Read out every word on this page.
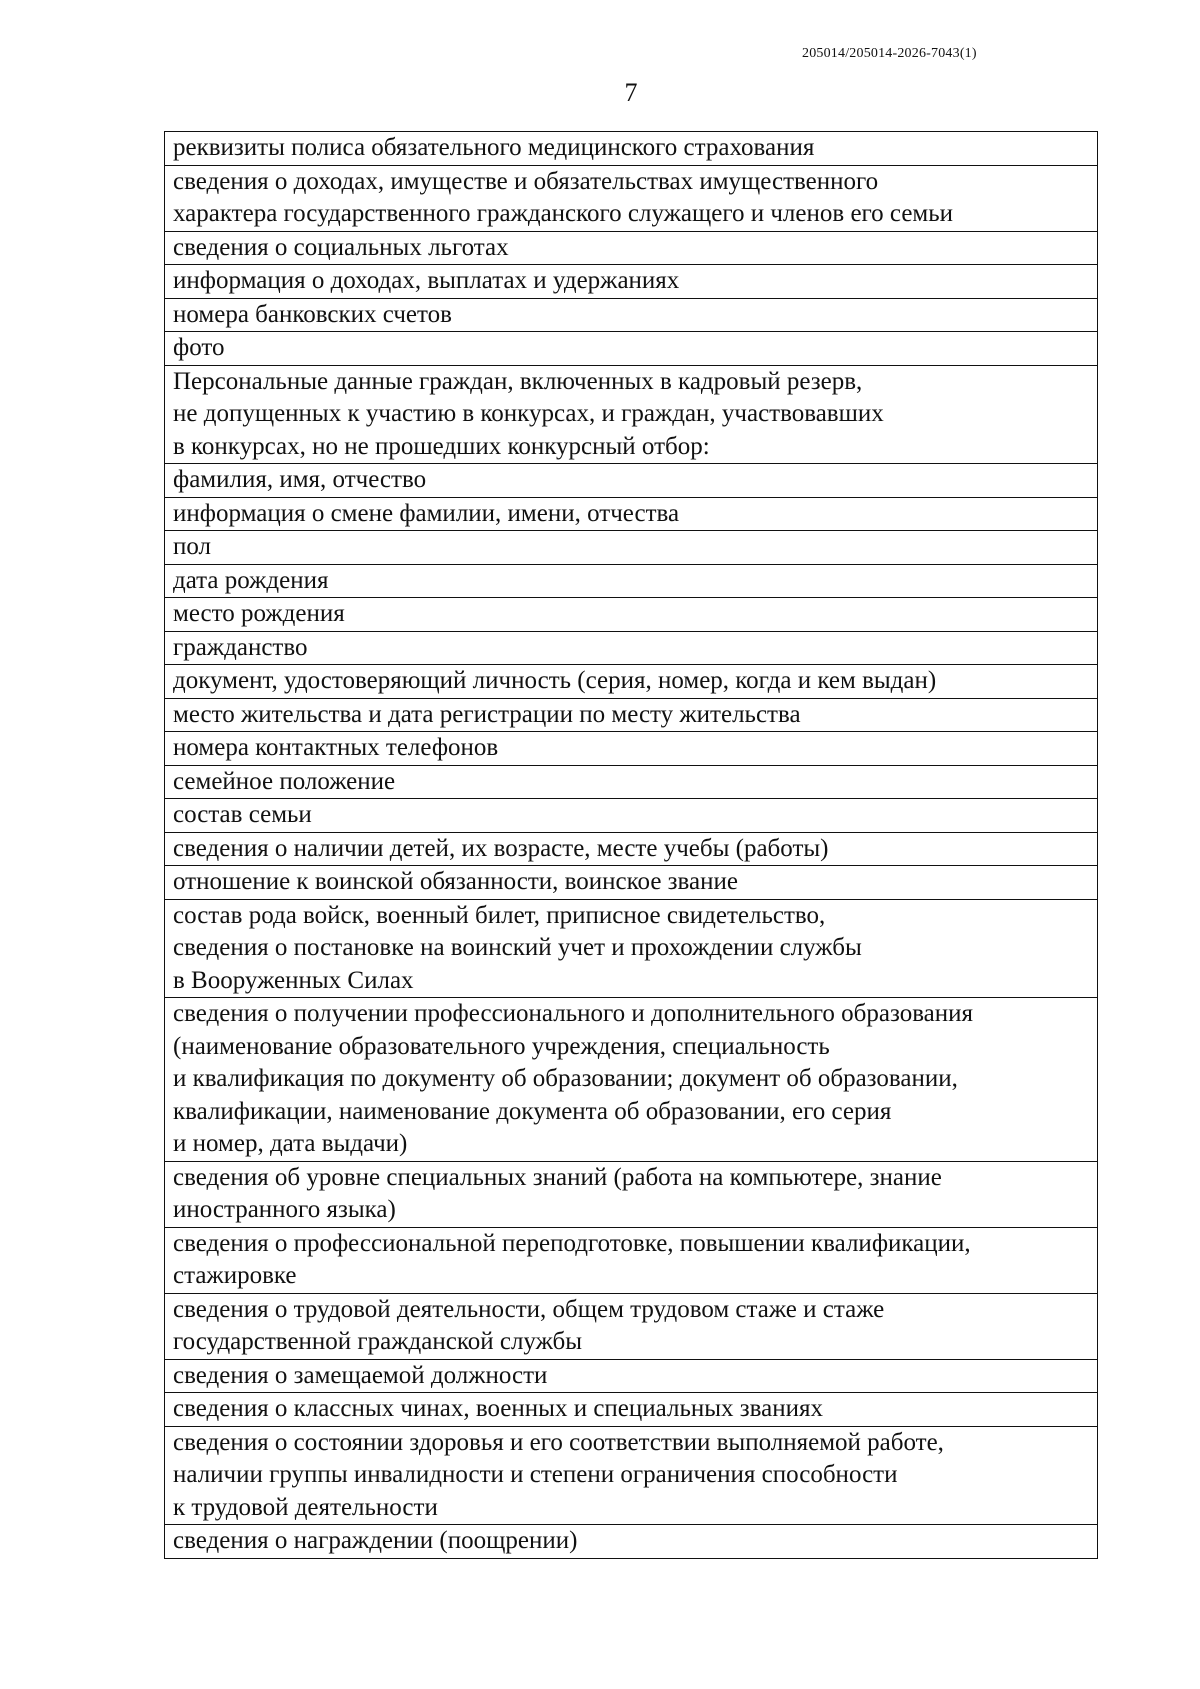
205014/205014-2026-7043(1)
7
реквизиты полиса обязательного медицинского страхования

сведения о доходах, имуществе и обязательствах имущественного
характера государственного гражданского служащего и членов его семьи

сведения о социальных льготах

информация о доходах, выплатах и удержаниях

номера банковских счетов

фото

Персональные данные граждан, включенных в кадровый резерв,
не допущенных к участию в конкурсах, и граждан, участвовавших
в конкурсах, но не прошедших конкурсный отбор:

фамилия, имя, отчество

информация о смене фамилии, имени, отчества

пол

дата рождения

место рождения

гражданство

документ, удостоверяющий личность (серия, номер, когда и кем выдан)

место жительства и дата регистрации по месту жительства

номера контактных телефонов

семейное положение

состав семьи

сведения о наличии детей, их возрасте, месте учебы (работы)

отношение к воинской обязанности, воинское звание

состав рода войск, военный билет, приписное свидетельство,
сведения о постановке на воинский учет и прохождении службы
в Вооруженных Силах

сведения о получении профессионального и дополнительного образования
(наименование образовательного учреждения, специальность
и квалификация по документу об образовании; документ об образовании,
квалификации, наименование документа об образовании, его серия
и номер, дата выдачи)

сведения об уровне специальных знаний (работа на компьютере, знание
иностранного языка)

сведения о профессиональной переподготовке, повышении квалификации,
стажировке

сведения о трудовой деятельности, общем трудовом стаже и стаже
государственной гражданской службы

сведения о замещаемой должности

сведения о классных чинах, военных и специальных званиях

сведения о состоянии здоровья и его соответствии выполняемой работе,
наличии группы инвалидности и степени ограничения способности
к трудовой деятельности

сведения о награждении (поощрении)
